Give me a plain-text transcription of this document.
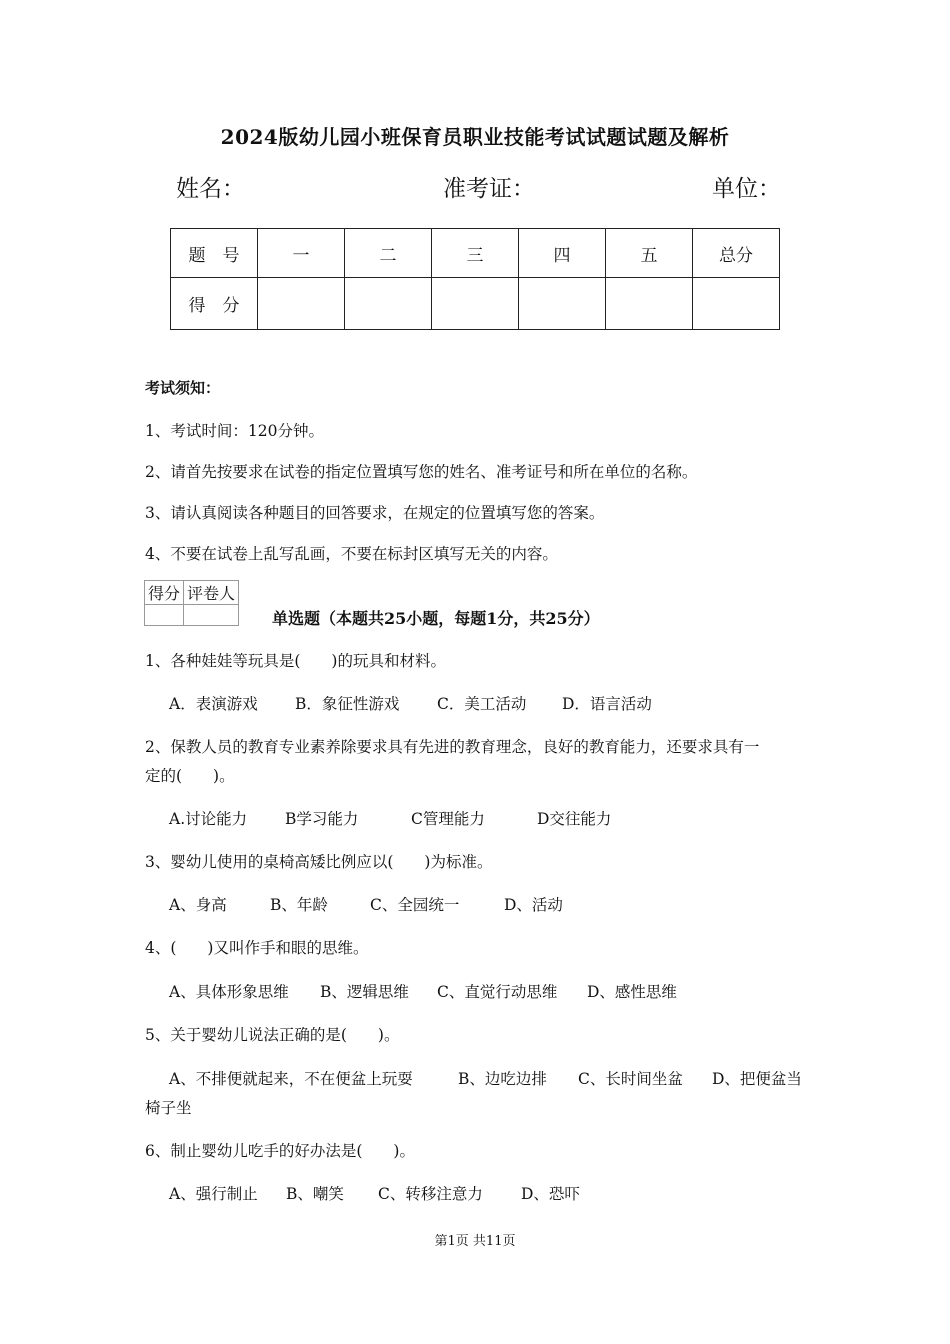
2024版幼儿园小班保育员职业技能考试试题试题及解析
姓名：	准考证：	单位：
题　号	一	二	三	四	五	总分
得　分						
考试须知：
1、考试时间：120分钟。
2、请首先按要求在试卷的指定位置填写您的姓名、准考证号和所在单位的名称。
3、请认真阅读各种题目的回答要求，在规定的位置填写您的答案。
4、不要在试卷上乱写乱画，不要在标封区填写无关的内容。
得分	评卷人

单选题（本题共25小题，每题1分，共25分）
1、各种娃娃等玩具是(　　)的玩具和材料。
A．表演游戏 B．象征性游戏 C．美工活动 D．语言活动
2、保教人员的教育专业素养除要求具有先进的教育理念，良好的教育能力，还要求具有一
定的(　　)。
A.讨论能力 B学习能力	C管理能力	D交往能力
3、婴幼儿使用的桌椅高矮比例应以(　　)为标准。
A、身高	B、年龄	C、全园统一	D、活动
4、(　　)又叫作手和眼的思维。
A、具体形象思维 B、逻辑思维 C、直觉行动思维 D、感性思维
5、关于婴幼儿说法正确的是(　　)。
A、不排便就起来，不在便盆上玩耍	B、边吃边排 C、长时间坐盆 D、把便盆当
椅子坐
6、制止婴幼儿吃手的好办法是(　　)。
A、强行制止 B、嘲笑 C、转移注意力 D、恐吓
第1页 共11页
